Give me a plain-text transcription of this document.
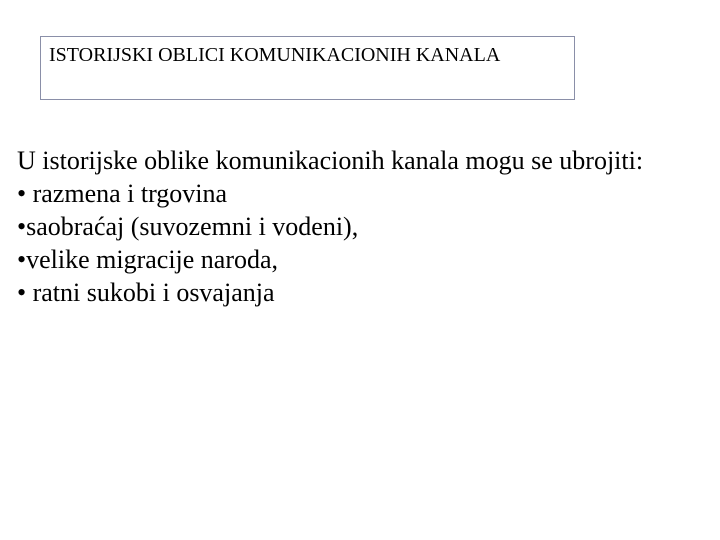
ISTORIJSKI OBLICI KOMUNIKACIONIH KANALA

U istorijske oblike komunikacionih kanala mogu se ubrojiti:

• razmena i trgovina

•saobraćaj (suvozemni i vodeni),

•velike migracije naroda,

• ratni sukobi i osvajanja
